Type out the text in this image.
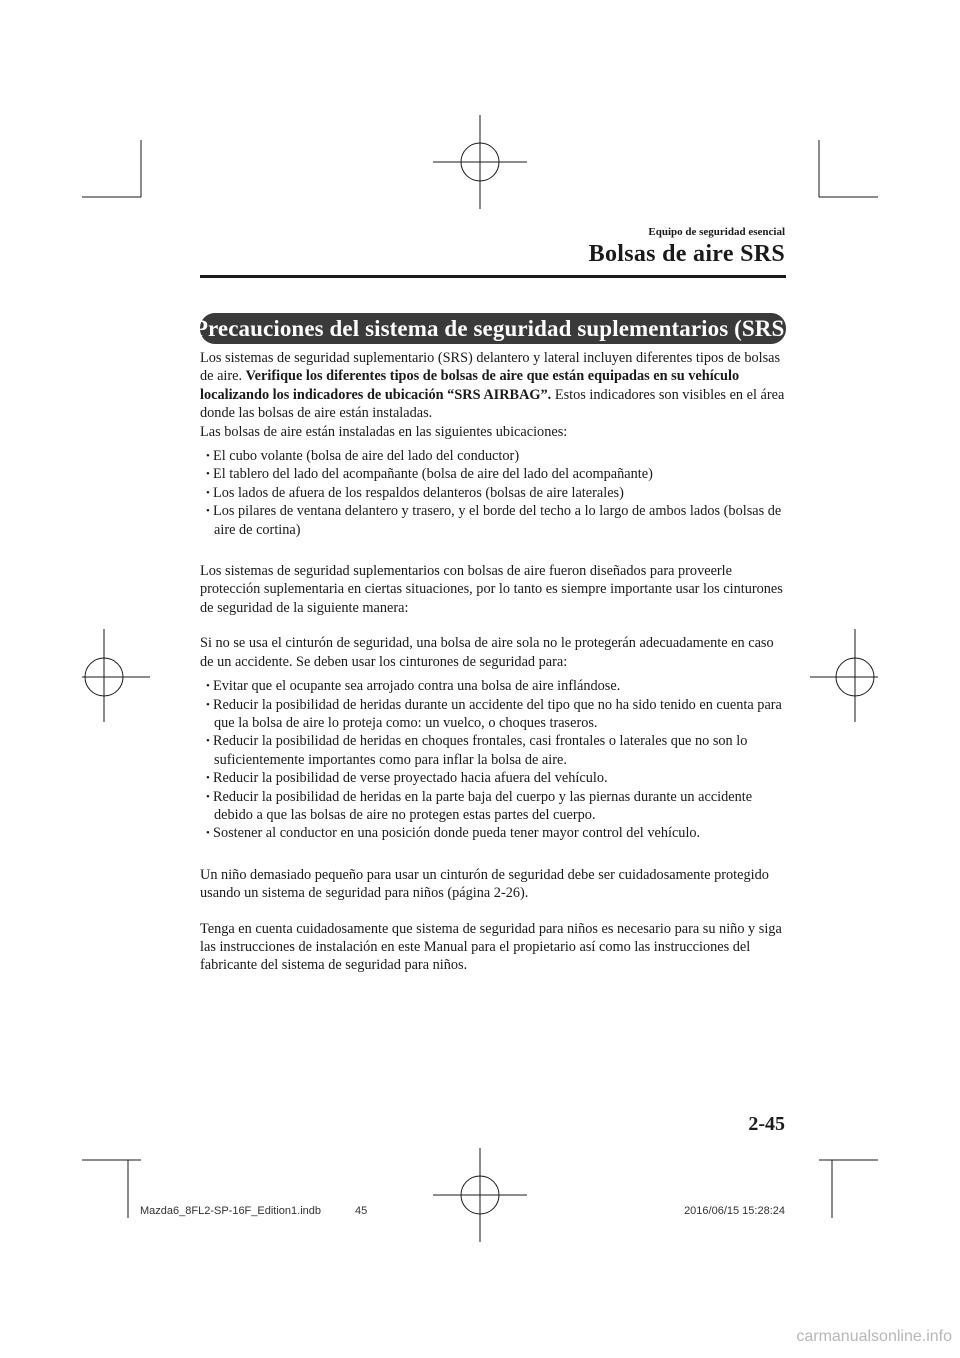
Equipo de seguridad esencial
Bolsas de aire SRS
Precauciones del sistema de seguridad suplementarios (SRS)

Los sistemas de seguridad suplementario (SRS) delantero y lateral incluyen diferentes tipos de bolsas de aire. Verifique los diferentes tipos de bolsas de aire que están equipadas en su vehículo localizando los indicadores de ubicación “SRS AIRBAG”. Estos indicadores son visibles en el área donde las bolsas de aire están instaladas.

Las bolsas de aire están instaladas en las siguientes ubicaciones:

• El cubo volante (bolsa de aire del lado del conductor)
• El tablero del lado del acompañante (bolsa de aire del lado del acompañante)
• Los lados de afuera de los respaldos delanteros (bolsas de aire laterales)
• Los pilares de ventana delantero y trasero, y el borde del techo a lo largo de ambos lados (bolsas de aire de cortina)

Los sistemas de seguridad suplementarios con bolsas de aire fueron diseñados para proveerle protección suplementaria en ciertas situaciones, por lo tanto es siempre importante usar los cinturones de seguridad de la siguiente manera:

Si no se usa el cinturón de seguridad, una bolsa de aire sola no le protegerán adecuadamente en caso de un accidente. Se deben usar los cinturones de seguridad para:

• Evitar que el ocupante sea arrojado contra una bolsa de aire inflándose.
• Reducir la posibilidad de heridas durante un accidente del tipo que no ha sido tenido en cuenta para que la bolsa de aire lo proteja como: un vuelco, o choques traseros.
• Reducir la posibilidad de heridas en choques frontales, casi frontales o laterales que no son lo suficientemente importantes como para inflar la bolsa de aire.
• Reducir la posibilidad de verse proyectado hacia afuera del vehículo.
• Reducir la posibilidad de heridas en la parte baja del cuerpo y las piernas durante un accidente debido a que las bolsas de aire no protegen estas partes del cuerpo.
• Sostener al conductor en una posición donde pueda tener mayor control del vehículo.

Un niño demasiado pequeño para usar un cinturón de seguridad debe ser cuidadosamente protegido usando un sistema de seguridad para niños (página 2-26).

Tenga en cuenta cuidadosamente que sistema de seguridad para niños es necesario para su niño y siga las instrucciones de instalación en este Manual para el propietario así como las instrucciones del fabricante del sistema de seguridad para niños.

2-45
Mazda6_8FL2-SP-16F_Edition1.indb	45	2016/06/15 15:28:24
carmanualsonline.info
